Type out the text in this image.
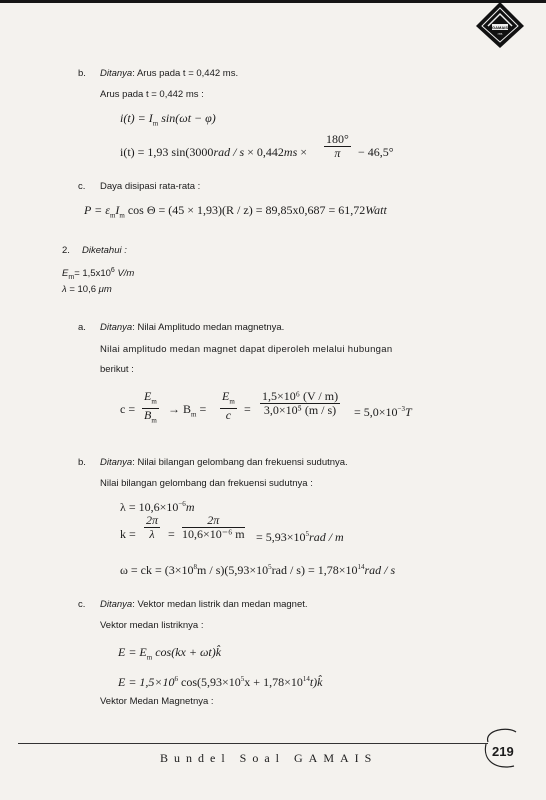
GAMAIS
ITB
b. Ditanya: Arus pada t = 0,442 ms.
Arus pada t = 0,442 ms :
$i(t) = I_m$ sin(ωt − φ)
i(t) = 1,93 $\sin(3000rad / s \times 0,442ms \times \frac{180^\circ}{\pi} - 46,5^\circ$
c. Daya disipasi rata-rata :
$P = \varepsilon_mI_m$ cos Θ = (45 × 1,93)(R / z) = 89,85x0,687 = 61,72Watt
2. Diketahui :
$E_m= 1,5x10^6$ V/m
λ = 10,6 μm
a. Ditanya: Nilai Amplitudo medan magnetnya.
Nilai amplitudo medan magnet dapat diperoleh melalui hubungan
berikut :
$c = \frac{E_m}{B_m} \to B_m = \frac{E_m}{c} = \frac{\text{1,5×10⁶ (V / m)}}{\text{3,0×10⁵ (m / s)}} = 5,0\times 10^{-3}T$
b. Ditanya: Nilai bilangan gelombang dan frekuensi sudutnya.
Nilai bilangan gelombang dan frekuensi sudutnya :
$\lambda = 10,6\times 10^{-6}m$
$k = \frac{2\pi}{\lambda} = \frac{2\pi}{\text{10,6×10⁻⁶ m}} = 5,93\times 10^5rad / m$
ω = ck = $(3\times 10^8m / s)(5,93\times 10^5rad / s) = 1,78\times 10^{14}rad / s$
c. Ditanya: Vektor medan listrik dan medan magnet.
Vektor medan listriknya :
$E = E_m$ cos(kx + ωt)k̂
$E = 1,5\times 10^6$ $\cos(5,93\times 10^5x$ + $1,78\times 10^{14}t)k̂$
Vektor Medan Magnetnya :
Bundel Soal GAMAIS	219
